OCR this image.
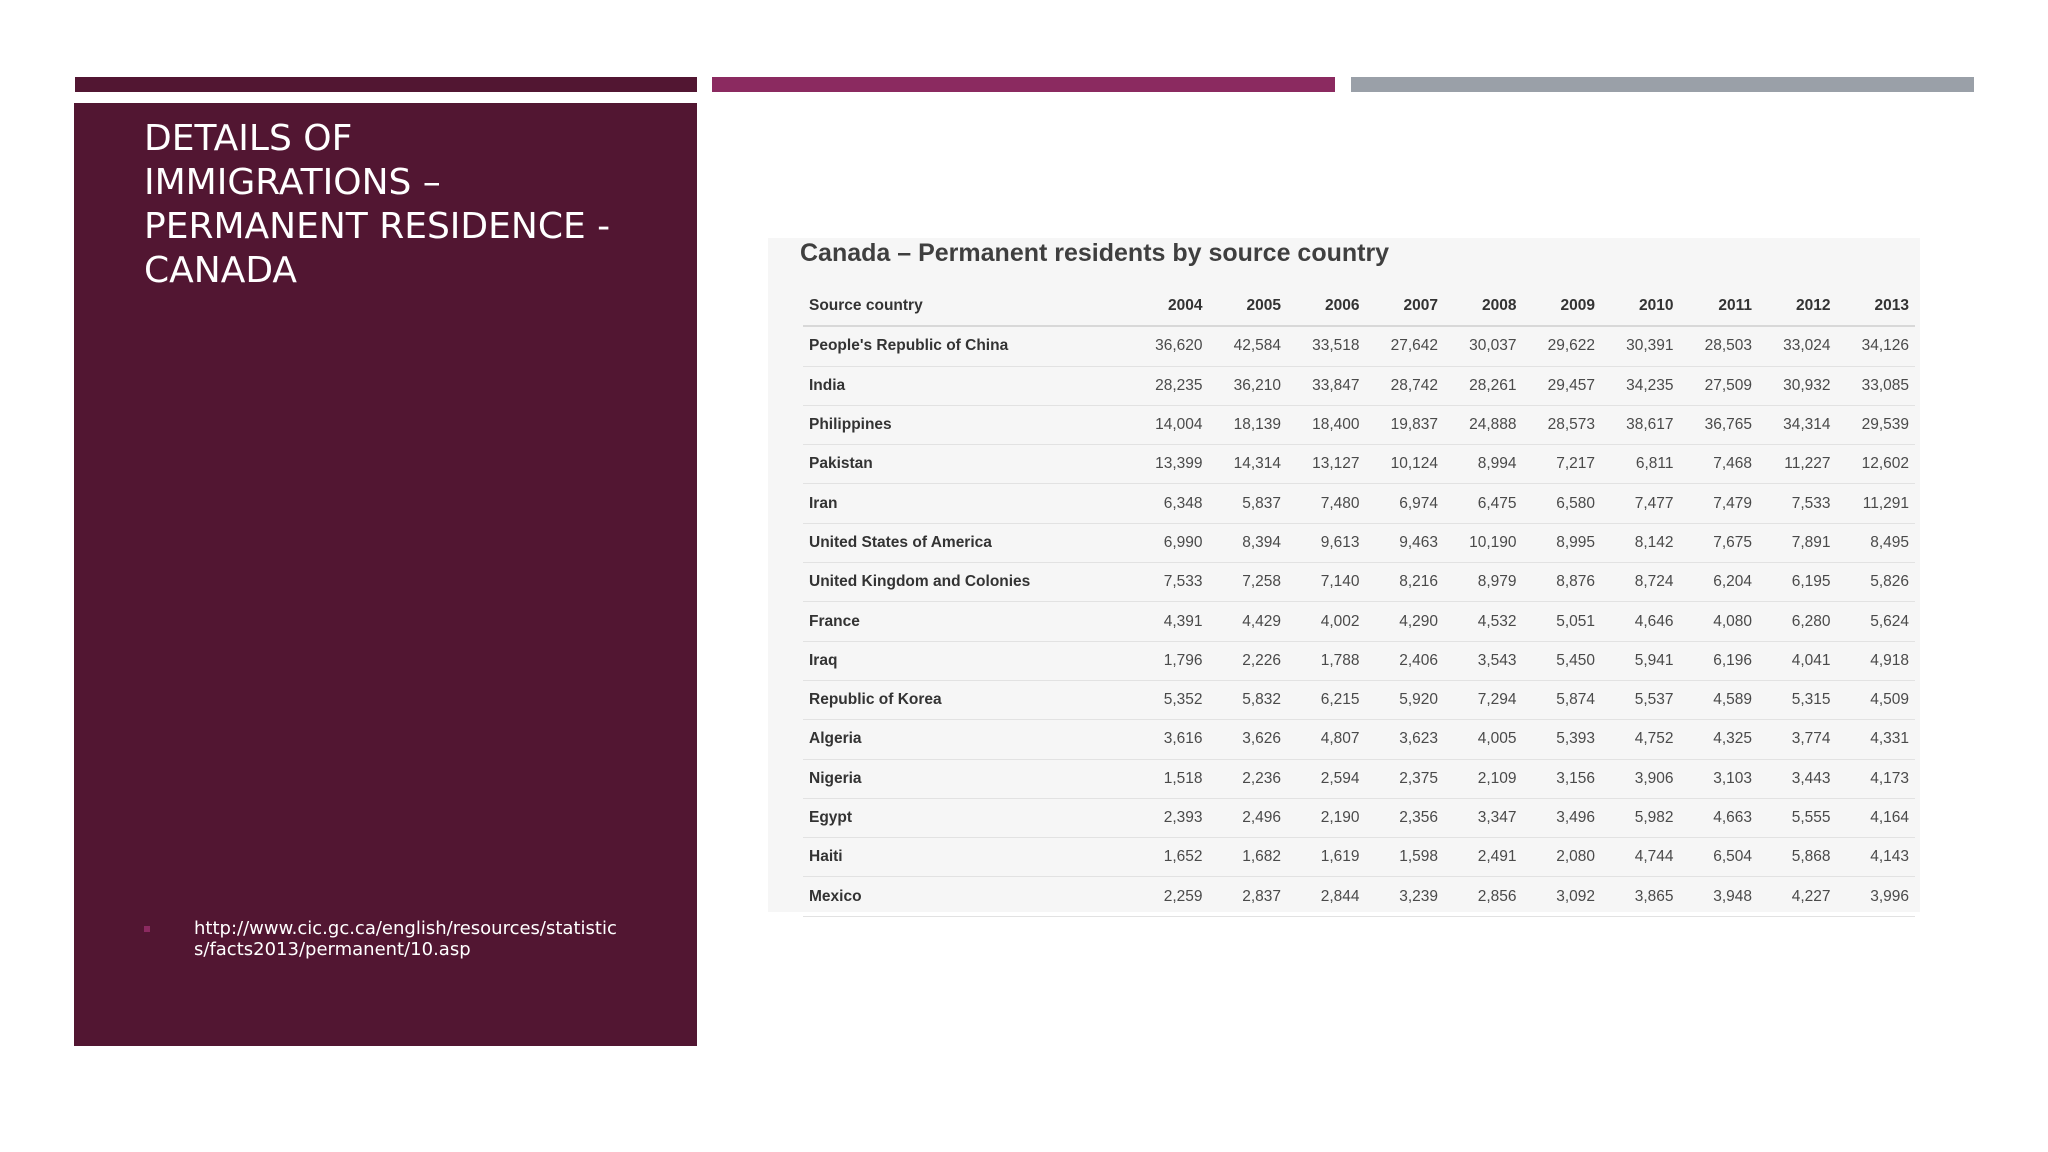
DETAILS OF
IMMIGRATIONS –
PERMANENT RESIDENCE -
CANADA
http://www.cic.gc.ca/english/resources/statistics/facts2013/permanent/10.asp
Canada – Permanent residents by source country
Source country	2004	2005	2006	2007	2008	2009	2010	2011	2012	2013
People's Republic of China	36,620	42,584	33,518	27,642	30,037	29,622	30,391	28,503	33,024	34,126
India	28,235	36,210	33,847	28,742	28,261	29,457	34,235	27,509	30,932	33,085
Philippines	14,004	18,139	18,400	19,837	24,888	28,573	38,617	36,765	34,314	29,539
Pakistan	13,399	14,314	13,127	10,124	8,994	7,217	6,811	7,468	11,227	12,602
Iran	6,348	5,837	7,480	6,974	6,475	6,580	7,477	7,479	7,533	11,291
United States of America	6,990	8,394	9,613	9,463	10,190	8,995	8,142	7,675	7,891	8,495
United Kingdom and Colonies	7,533	7,258	7,140	8,216	8,979	8,876	8,724	6,204	6,195	5,826
France	4,391	4,429	4,002	4,290	4,532	5,051	4,646	4,080	6,280	5,624
Iraq	1,796	2,226	1,788	2,406	3,543	5,450	5,941	6,196	4,041	4,918
Republic of Korea	5,352	5,832	6,215	5,920	7,294	5,874	5,537	4,589	5,315	4,509
Algeria	3,616	3,626	4,807	3,623	4,005	5,393	4,752	4,325	3,774	4,331
Nigeria	1,518	2,236	2,594	2,375	2,109	3,156	3,906	3,103	3,443	4,173
Egypt	2,393	2,496	2,190	2,356	3,347	3,496	5,982	4,663	5,555	4,164
Haiti	1,652	1,682	1,619	1,598	2,491	2,080	4,744	6,504	5,868	4,143
Mexico	2,259	2,837	2,844	3,239	2,856	3,092	3,865	3,948	4,227	3,996
